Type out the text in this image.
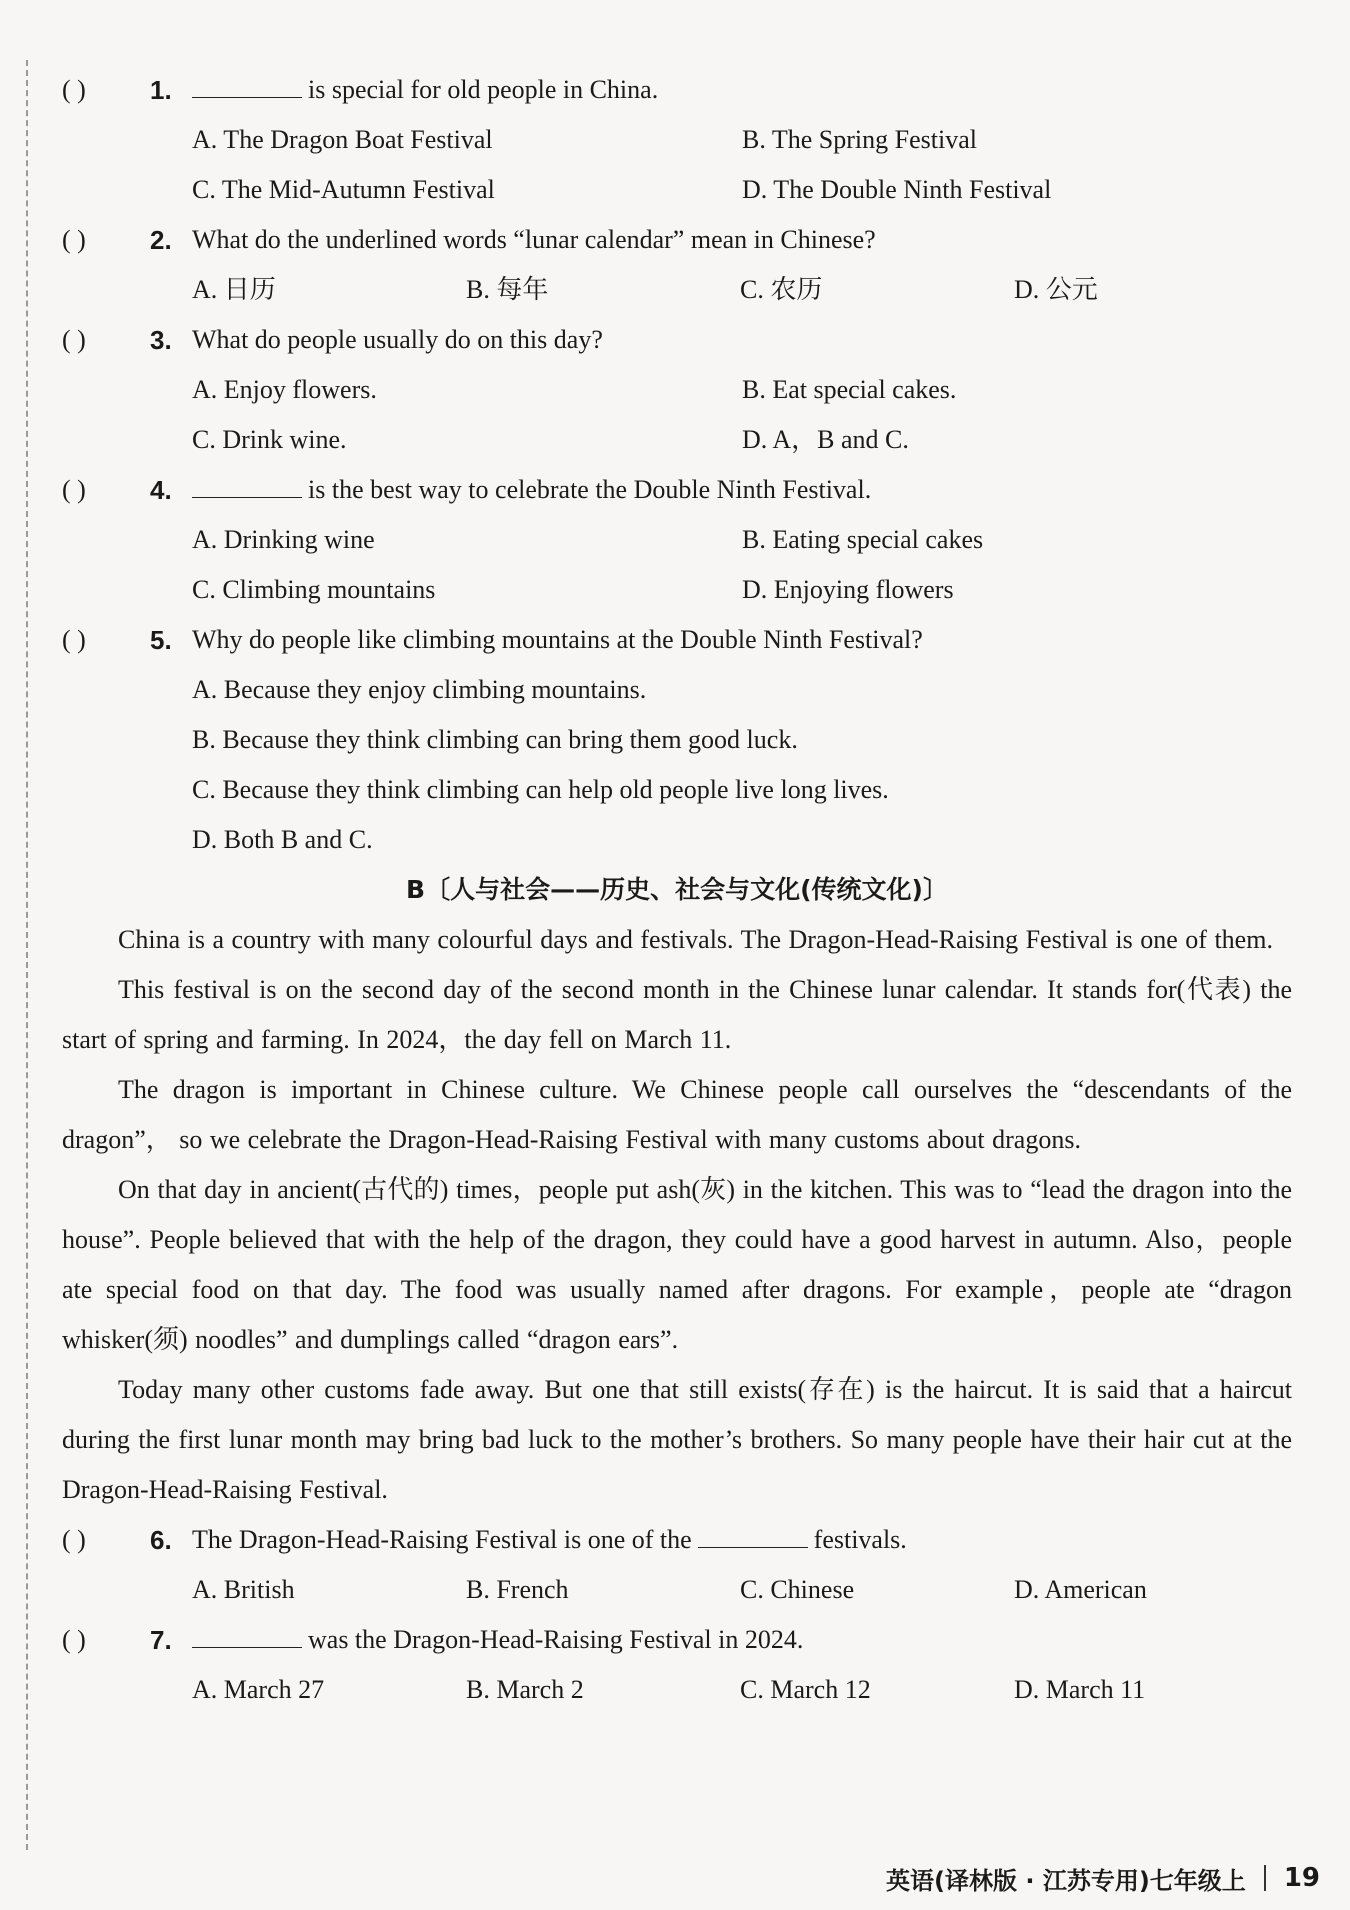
( )	1.	is special for old people in China.
A. The Dragon Boat Festival	B. The Spring Festival
C. The Mid-Autumn Festival	D. The Double Ninth Festival
( )	2. What do the underlined words “lunar calendar” mean in Chinese?
A. 日历	B. 每年	C. 农历	D. 公元
( )	3. What do people usually do on this day?
A. Enjoy flowers.	B. Eat special cakes.
C. Drink wine.	D. A，B and C.
( )	4.	is the best way to celebrate the Double Ninth Festival.
A. Drinking wine	B. Eating special cakes
C. Climbing mountains	D. Enjoying flowers
( )	5. Why do people like climbing mountains at the Double Ninth Festival?
A. Because they enjoy climbing mountains.
B. Because they think climbing can bring them good luck.
C. Because they think climbing can help old people live long lives.
D. Both B and C.
B〔人与社会——历史、社会与文化(传统文化)〕
China is a country with many colourful days and festivals. The Dragon-Head-Raising Festival is one of them.
This festival is on the second day of the second month in the Chinese lunar calendar. It stands for(代表) the start of spring and farming. In 2024，the day fell on March 11.
The dragon is important in Chinese culture. We Chinese people call ourselves the “descendants of the dragon”， so we celebrate the Dragon-Head-Raising Festival with many customs about dragons.
On that day in ancient(古代的) times，people put ash(灰) in the kitchen. This was to “lead the dragon into the house”. People believed that with the help of the dragon, they could have a good harvest in autumn. Also，people ate special food on that day. The food was usually named after dragons. For example，people ate “dragon whisker(须) noodles” and dumplings called “dragon ears”.
Today many other customs fade away. But one that still exists(存在) is the haircut. It is said that a haircut during the first lunar month may bring bad luck to the mother’s brothers. So many people have their hair cut at the Dragon-Head-Raising Festival.
( )	6. The Dragon-Head-Raising Festival is one of the	festivals.
A. British	B. French	C. Chinese	D. American
( )	7.	was the Dragon-Head-Raising Festival in 2024.
A. March 27	B. March 2	C. March 12	D. March 11
英语(译林版 · 江苏专用)七年级上 19
